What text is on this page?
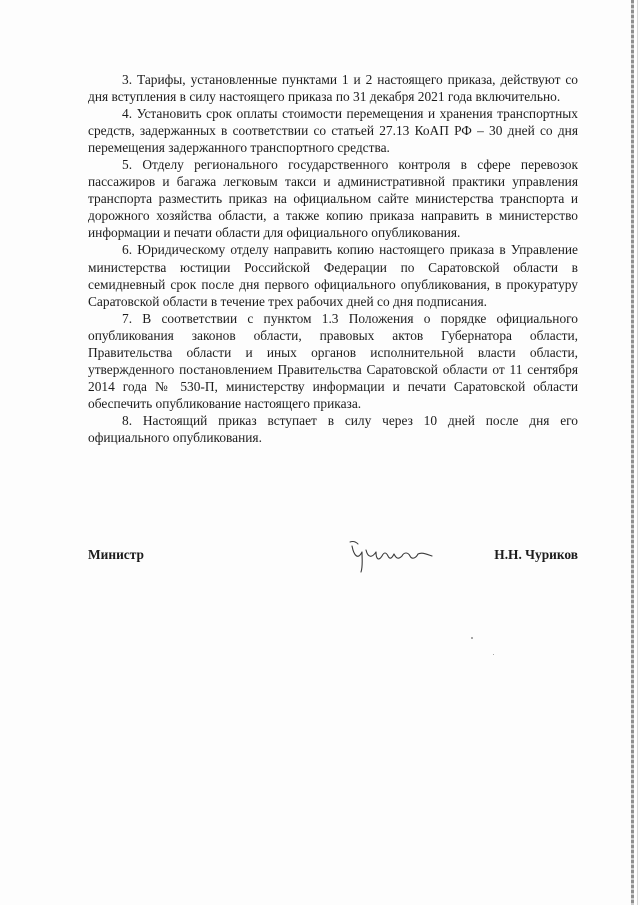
3. Тарифы, установленные пунктами 1 и 2 настоящего приказа, действуют со дня вступления в силу настоящего приказа по 31 декабря 2021 года включительно.

4. Установить срок оплаты стоимости перемещения и хранения транспортных средств, задержанных в соответствии со статьей 27.13 КоАП РФ – 30 дней со дня перемещения задержанного транспортного средства.

5. Отделу регионального государственного контроля в сфере перевозок пассажиров и багажа легковым такси и административной практики управления транспорта разместить приказ на официальном сайте министерства транспорта и дорожного хозяйства области, а также копию приказа направить в министерство информации и печати области для официального опубликования.

6. Юридическому отделу направить копию настоящего приказа в Управление министерства юстиции Российской Федерации по Саратовской области в семидневный срок после дня первого официального опубликования, в прокуратуру Саратовской области в течение трех рабочих дней со дня подписания.

7. В соответствии с пунктом 1.3 Положения о порядке официального опубликования законов области, правовых актов Губернатора области, Правительства области и иных органов исполнительной власти области, утвержденного постановлением Правительства Саратовской области от 11 сентября 2014 года № 530-П, министерству информации и печати Саратовской области обеспечить опубликование настоящего приказа.

8. Настоящий приказ вступает в силу через 10 дней после дня его официального опубликования.

Министр	Н.Н. Чуриков
